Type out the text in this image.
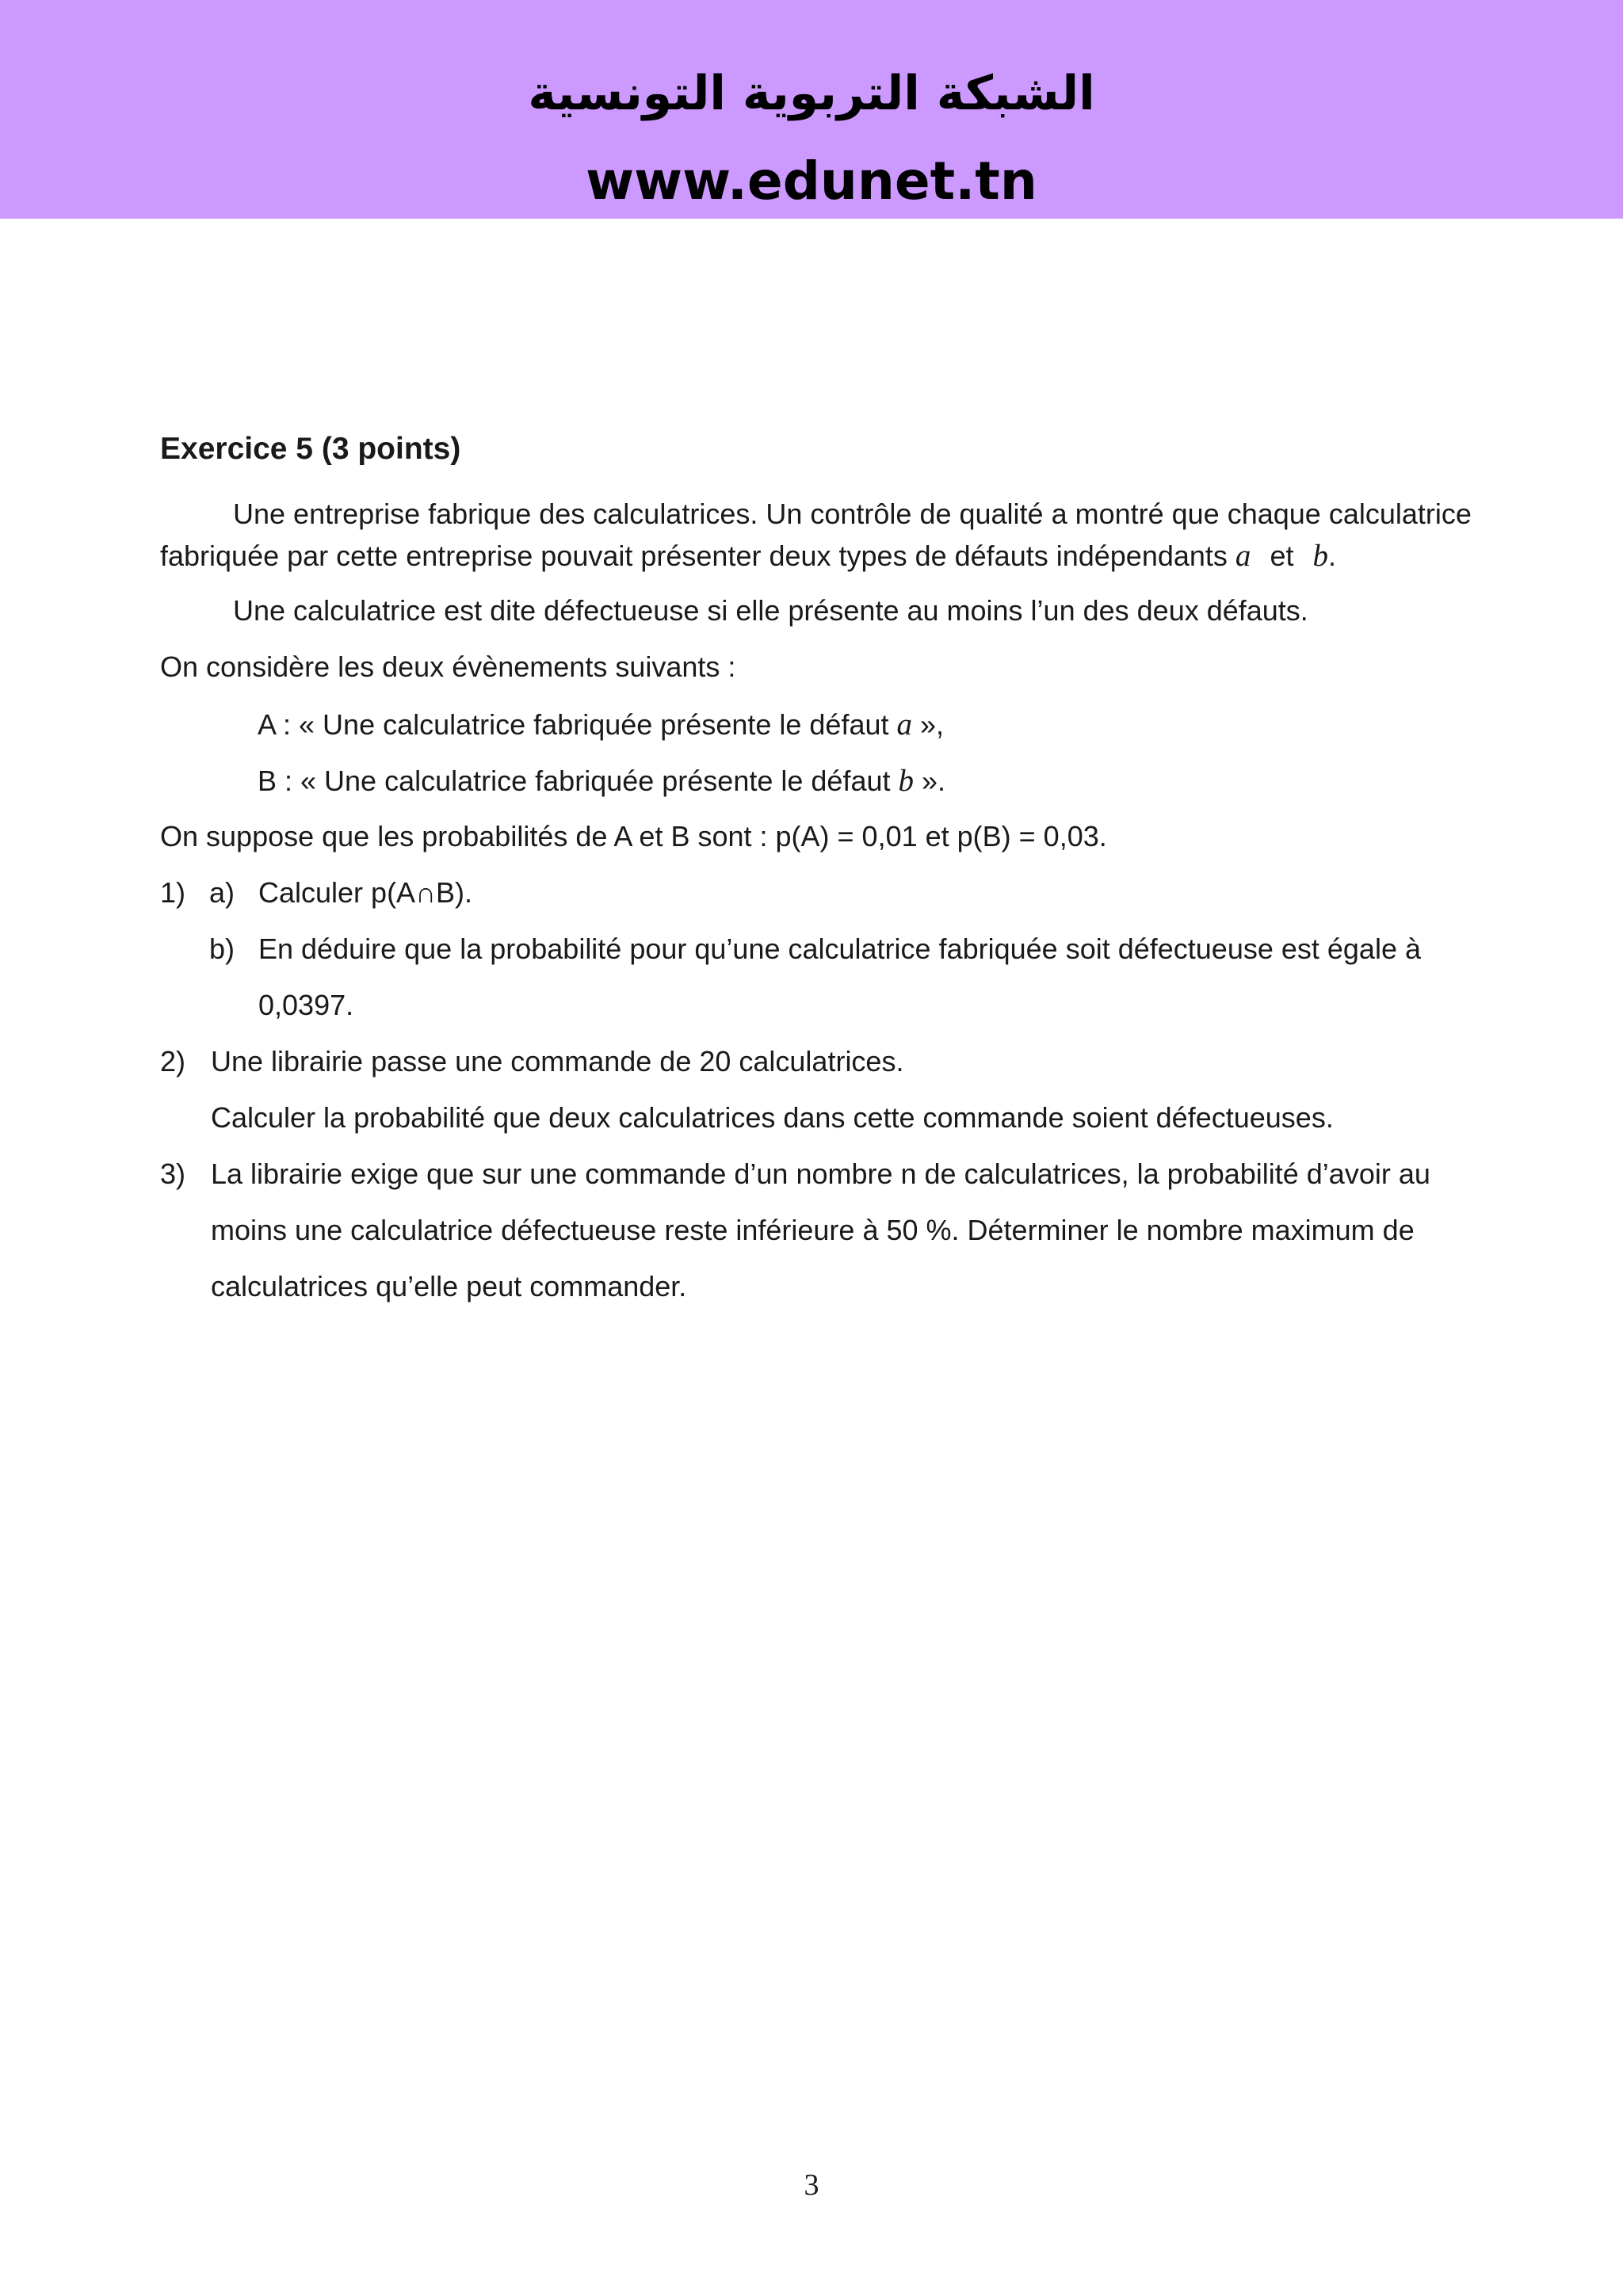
الشبكة التربوية التونسية
www.edunet.tn
Exercice 5 (3 points)
Une entreprise fabrique des calculatrices. Un contrôle de qualité a montré que chaque calculatrice
fabriquée par cette entreprise pouvait présenter deux types de défauts indépendants a et b.
Une calculatrice est dite défectueuse si elle présente au moins l’un des deux défauts.
On considère les deux évènements suivants :
A : « Une calculatrice fabriquée présente le défaut a »,
B : « Une calculatrice fabriquée présente le défaut b ».
On suppose que les probabilités de A et B sont : p(A) = 0,01 et p(B) = 0,03.
1) a) Calculer p(A∩B).
b) En déduire que la probabilité pour qu’une calculatrice fabriquée soit défectueuse est égale à
0,0397.
2) Une librairie passe une commande de 20 calculatrices.
Calculer la probabilité que deux calculatrices dans cette commande soient défectueuses.
3) La librairie exige que sur une commande d’un nombre n de calculatrices, la probabilité d’avoir au
moins une calculatrice défectueuse reste inférieure à 50 %. Déterminer le nombre maximum de
calculatrices qu’elle peut commander.
3
